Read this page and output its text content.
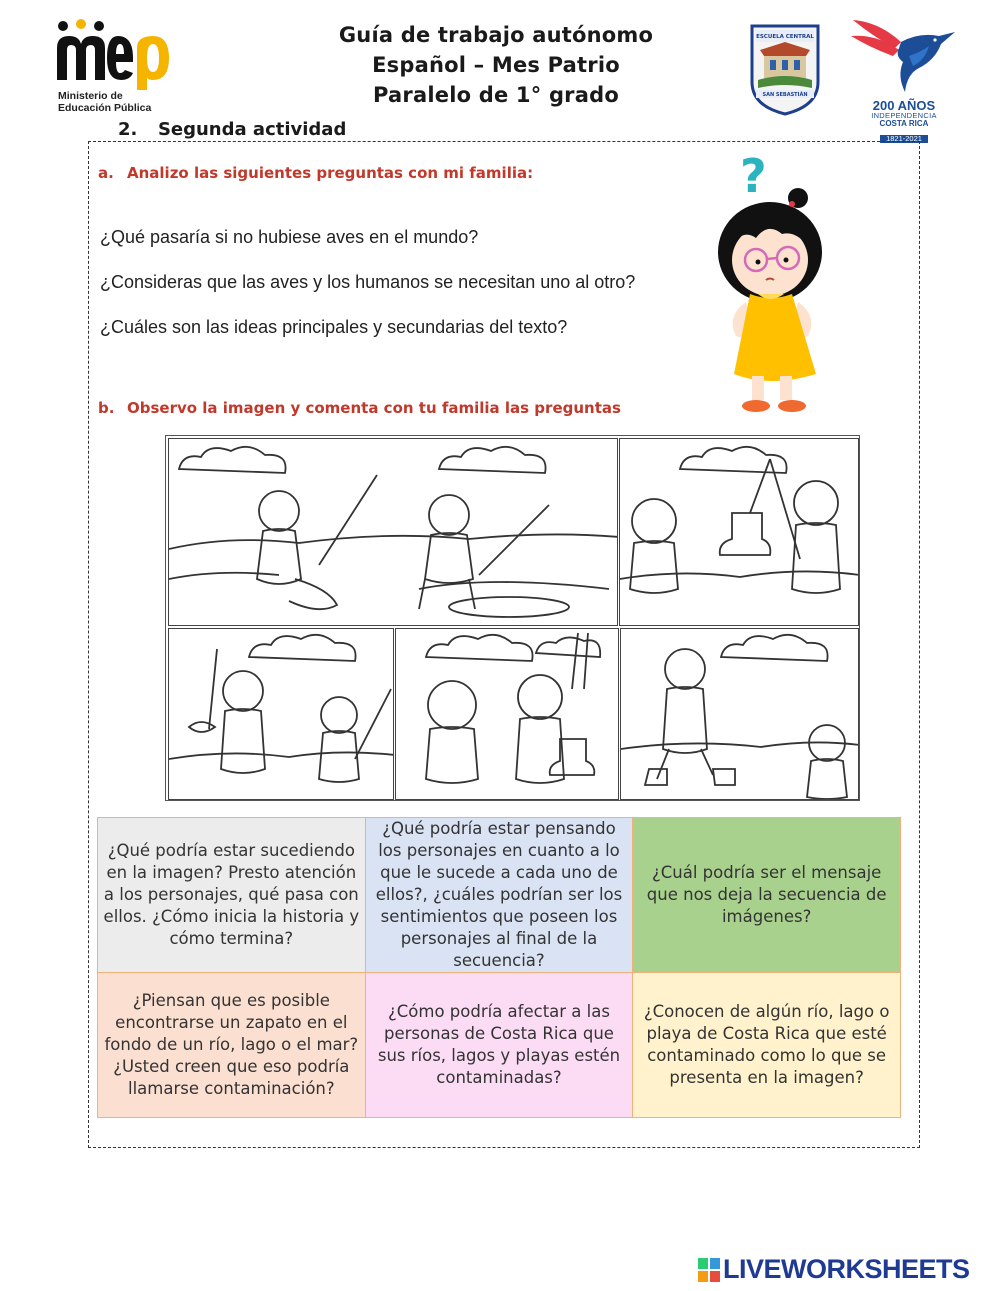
Ministerio de
Educación Pública
Guía de trabajo autónomo
Español – Mes Patrio
Paralelo de 1° grado
ESCUELA CENTRAL
SAN SEBASTIÁN
200 AÑOS
INDEPENDENCIA
COSTA RICA
1821-2021
2. Segunda actividad
a. Analizo las siguientes preguntas con mi familia:
¿Qué pasaría si no hubiese aves en el mundo?
¿Consideras que las aves y los humanos se necesitan uno al otro?
¿Cuáles son las ideas principales y secundarias del texto?
?
b. Observo la imagen y comenta con tu familia las preguntas
¿Qué podría estar sucediendo en la imagen? Presto atención a los personajes, qué pasa con ellos. ¿Cómo inicia la historia y cómo termina?	¿Qué podría estar pensando los personajes en cuanto a lo que le sucede a cada uno de ellos?, ¿cuáles podrían ser los sentimientos que poseen los personajes al final de la secuencia?	¿Cuál podría ser el mensaje que nos deja la secuencia de imágenes?
¿Piensan que es posible encontrarse un zapato en el fondo de un río, lago o el mar? ¿Usted creen que eso podría llamarse contaminación?	¿Cómo podría afectar a las personas de Costa Rica que sus ríos, lagos y playas estén contaminadas?	¿Conocen de algún río, lago o playa de Costa Rica que esté contaminado como lo que se presenta en la imagen?
LIVEWORKSHEETS
